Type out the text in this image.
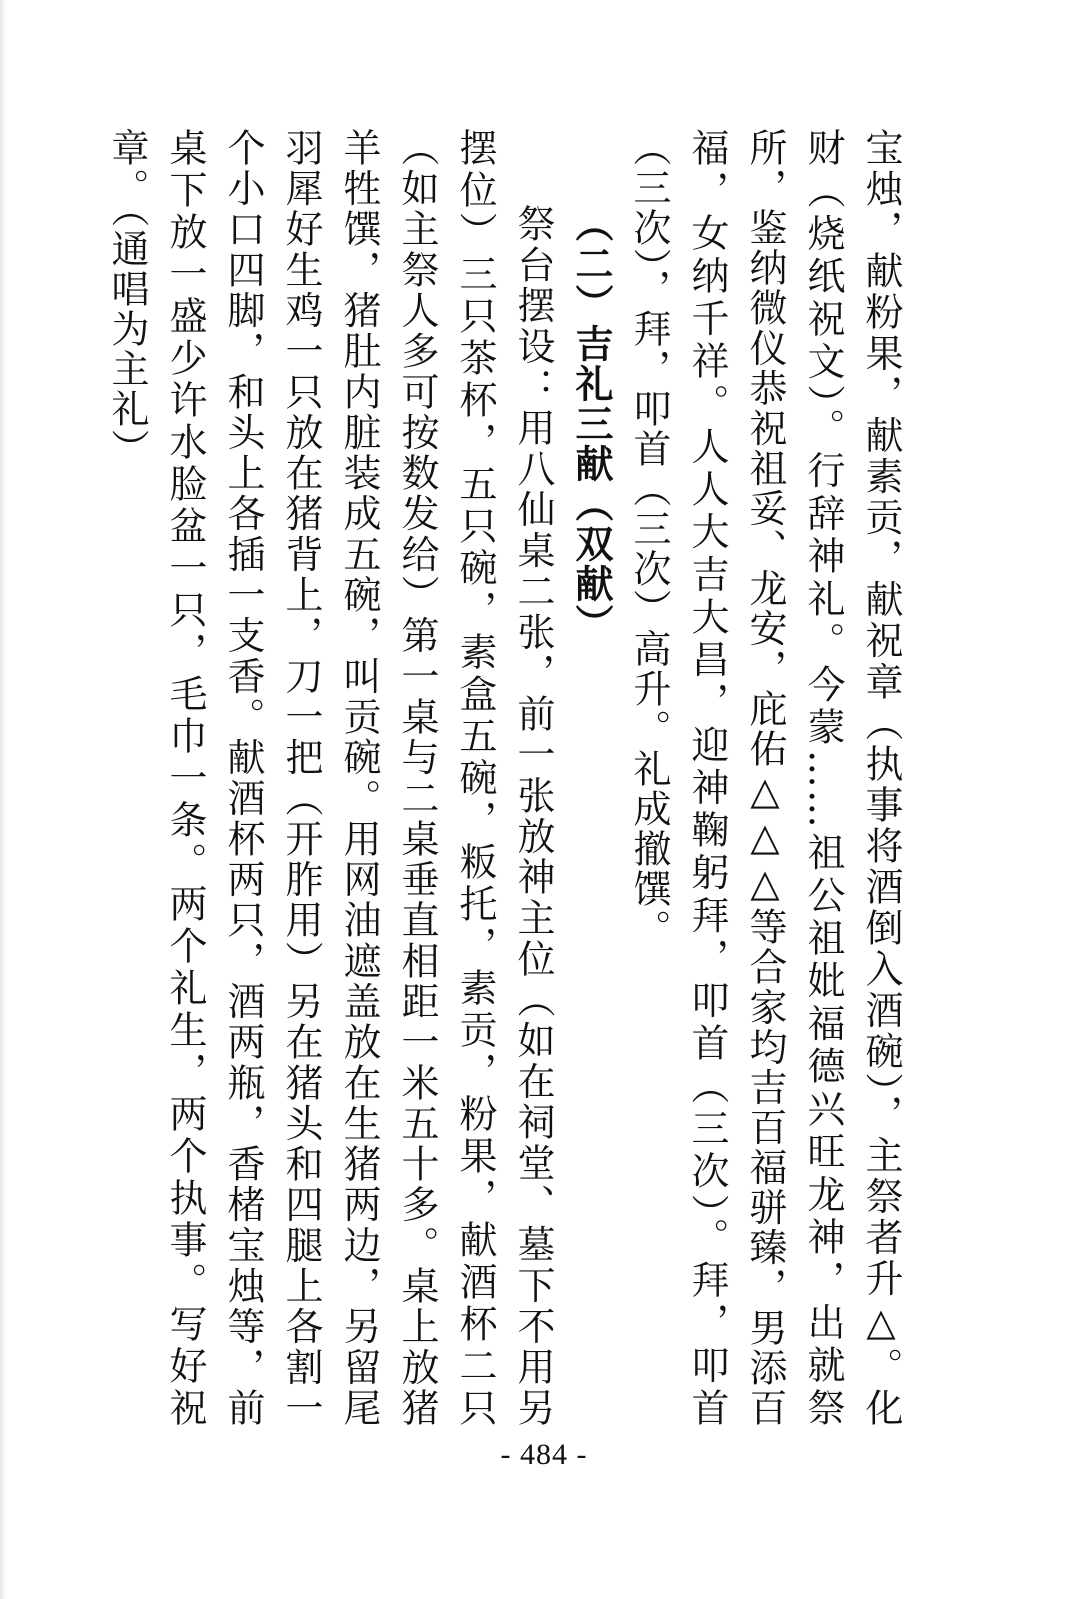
宝烛，献粉果，献素贡，献祝章（执事将酒倒入酒碗），主祭者升△。化财（烧纸祝文）。行辞神礼。今蒙……祖公祖妣福德兴旺龙神，出就祭所，鉴纳微仪恭祝祖妥、龙安，庇佑△△△等合家均吉百福骈臻，男添百福，女纳千祥。人人大吉大昌，迎神鞠躬拜，叩首（三次）。拜，叩首（三次），拜，叩首（三次）高升。礼成撤馔。

（二）吉礼三献（双献）

祭台摆设：用八仙桌二张，前一张放神主位（如在祠堂、墓下不用另摆位）三只茶杯，五只碗，素盒五碗，粄托，素贡，粉果，献酒杯二只（如主祭人多可按数发给）第一桌与二桌垂直相距一米五十多。桌上放猪羊牲馔，猪肚内脏装成五碗，叫贡碗。用网油遮盖放在生猪两边，另留尾羽犀好生鸡一只放在猪背上，刀一把（开胙用）另在猪头和四腿上各割一个小口四脚，和头上各插一支香。献酒杯两只，酒两瓶，香楮宝烛等，前桌下放一盛少许水脸盆一只，毛巾一条。两个礼生，两个执事。写好祝章。（通唱为主礼）

- 484 -
